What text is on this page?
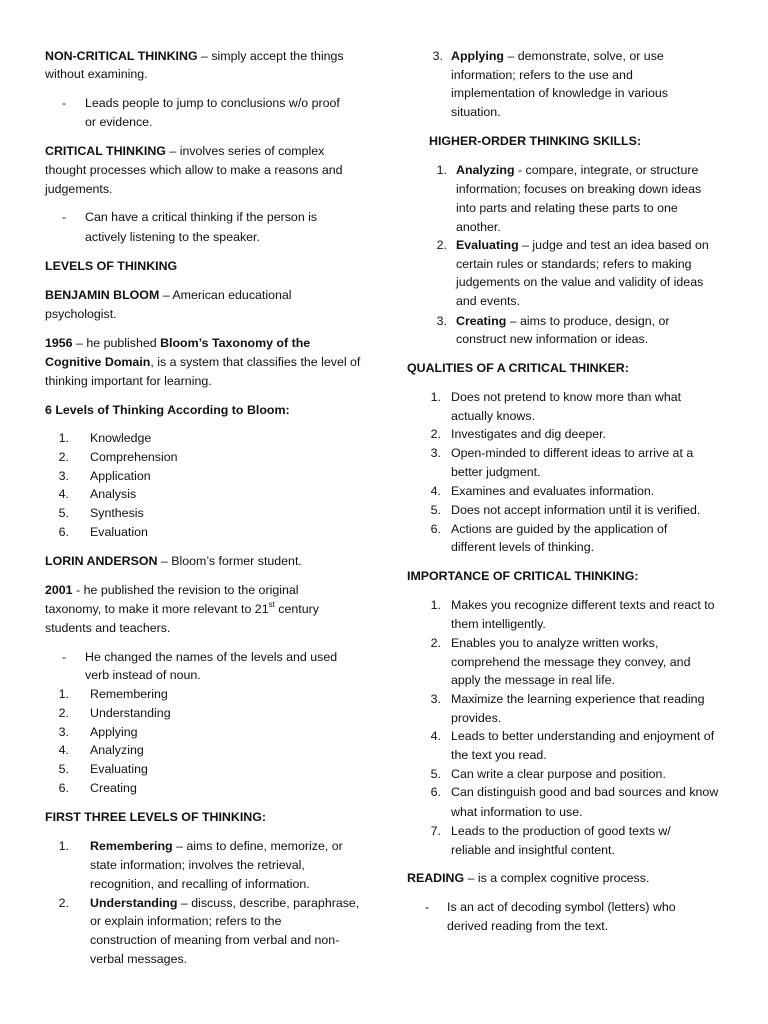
NON-CRITICAL THINKING – simply accept the things
without examining.
- Leads people to jump to conclusions w/o proof
or evidence.
CRITICAL THINKING – involves series of complex
thought processes which allow to make a reasons and
judgements.
- Can have a critical thinking if the person is
actively listening to the speaker.
LEVELS OF THINKING
BENJAMIN BLOOM – American educational
psychologist.
1956 – he published Bloom’s Taxonomy of the
Cognitive Domain, is a system that classifies the level of
thinking important for learning.
6 Levels of Thinking According to Bloom:
1. Knowledge
2. Comprehension
3. Application
4. Analysis
5. Synthesis
6. Evaluation
LORIN ANDERSON – Bloom’s former student.
2001 - he published the revision to the original
taxonomy, to make it more relevant to 21st century
students and teachers.
- He changed the names of the levels and used
verb instead of noun.
1. Remembering
2. Understanding
3. Applying
4. Analyzing
5. Evaluating
6. Creating
FIRST THREE LEVELS OF THINKING:
1. Remembering – aims to define, memorize, or
state information; involves the retrieval,
recognition, and recalling of information.
2. Understanding – discuss, describe, paraphrase,
or explain information; refers to the
construction of meaning from verbal and non-
verbal messages.
3. Applying – demonstrate, solve, or use
information; refers to the use and
implementation of knowledge in various
situation.
HIGHER-ORDER THINKING SKILLS:
1. Analyzing - compare, integrate, or structure
information; focuses on breaking down ideas
into parts and relating these parts to one
another.
2. Evaluating – judge and test an idea based on
certain rules or standards; refers to making
judgements on the value and validity of ideas
and events.
3. Creating – aims to produce, design, or
construct new information or ideas.
QUALITIES OF A CRITICAL THINKER:
1. Does not pretend to know more than what
actually knows.
2. Investigates and dig deeper.
3. Open-minded to different ideas to arrive at a
better judgment.
4. Examines and evaluates information.
5. Does not accept information until it is verified.
6. Actions are guided by the application of
different levels of thinking.
IMPORTANCE OF CRITICAL THINKING:
1. Makes you recognize different texts and react to
them intelligently.
2. Enables you to analyze written works,
comprehend the message they convey, and
apply the message in real life.
3. Maximize the learning experience that reading
provides.
4. Leads to better understanding and enjoyment of
the text you read.
5. Can write a clear purpose and position.
6. Can distinguish good and bad sources and know
what information to use.
7. Leads to the production of good texts w/
reliable and insightful content.
READING – is a complex cognitive process.
- Is an act of decoding symbol (letters) who
derived reading from the text.
